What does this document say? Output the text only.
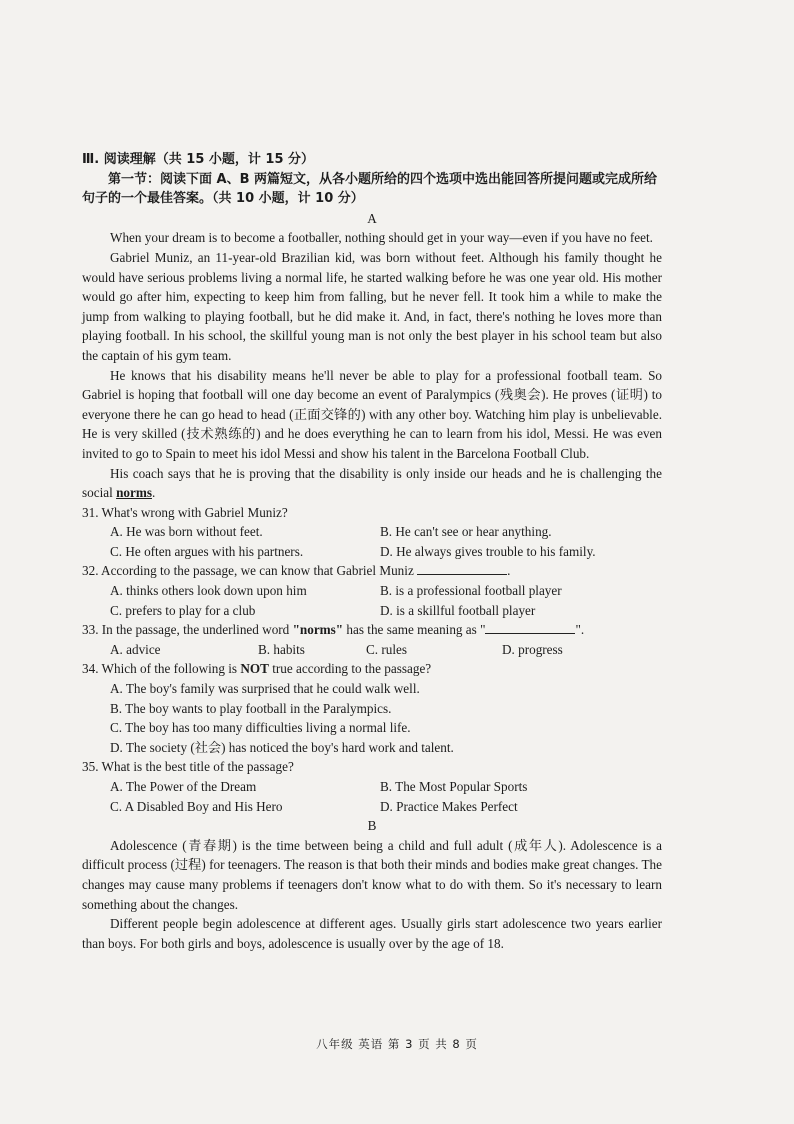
Ⅲ. 阅读理解（共 15 小题，计 15 分）

第一节：阅读下面 A、B 两篇短文，从各小题所给的四个选项中选出能回答所提问题或完成所给句子的一个最佳答案。（共 10 小题，计 10 分）

A

When your dream is to become a footballer, nothing should get in your way—even if you have no feet.

Gabriel Muniz, an 11-year-old Brazilian kid, was born without feet. Although his family thought he would have serious problems living a normal life, he started walking before he was one year old. His mother would go after him, expecting to keep him from falling, but he never fell. It took him a while to make the jump from walking to playing football, but he did make it. And, in fact, there's nothing he loves more than playing football. In his school, the skillful young man is not only the best player in his school team but also the captain of his gym team.

He knows that his disability means he'll never be able to play for a professional football team. So Gabriel is hoping that football will one day become an event of Paralympics (残奥会). He proves (证明) to everyone there he can go head to head (正面交锋的) with any other boy. Watching him play is unbelievable. He is very skilled (技术熟练的) and he does everything he can to learn from his idol, Messi. He was even invited to go to Spain to meet his idol Messi and show his talent in the Barcelona Football Club.

His coach says that he is proving that the disability is only inside our heads and he is challenging the social norms.

31. What's wrong with Gabriel Muniz?

A. He was born without feet.	B. He can't see or hear anything.
C. He often argues with his partners.	D. He always gives trouble to his family.

32. According to the passage, we can know that Gabriel Muniz	.

A. thinks others look down upon him	B. is a professional football player
C. prefers to play for a club	D. is a skillful football player

33. In the passage, the underlined word "norms" has the same meaning as "	".

A. advice	B. habits	C. rules	D. progress

34. Which of the following is NOT true according to the passage?

A. The boy's family was surprised that he could walk well.
B. The boy wants to play football in the Paralympics.
C. The boy has too many difficulties living a normal life.
D. The society (社会) has noticed the boy's hard work and talent.

35. What is the best title of the passage?

A. The Power of the Dream	B. The Most Popular Sports
C. A Disabled Boy and His Hero	D. Practice Makes Perfect

B

Adolescence (青春期) is the time between being a child and full adult (成年人). Adolescence is a difficult process (过程) for teenagers. The reason is that both their minds and bodies make great changes. The changes may cause many problems if teenagers don't know what to do with them. So it's necessary to learn something about the changes.

Different people begin adolescence at different ages. Usually girls start adolescence two years earlier than boys. For both girls and boys, adolescence is usually over by the age of 18.

八年级 英语 第 3 页 共 8 页
